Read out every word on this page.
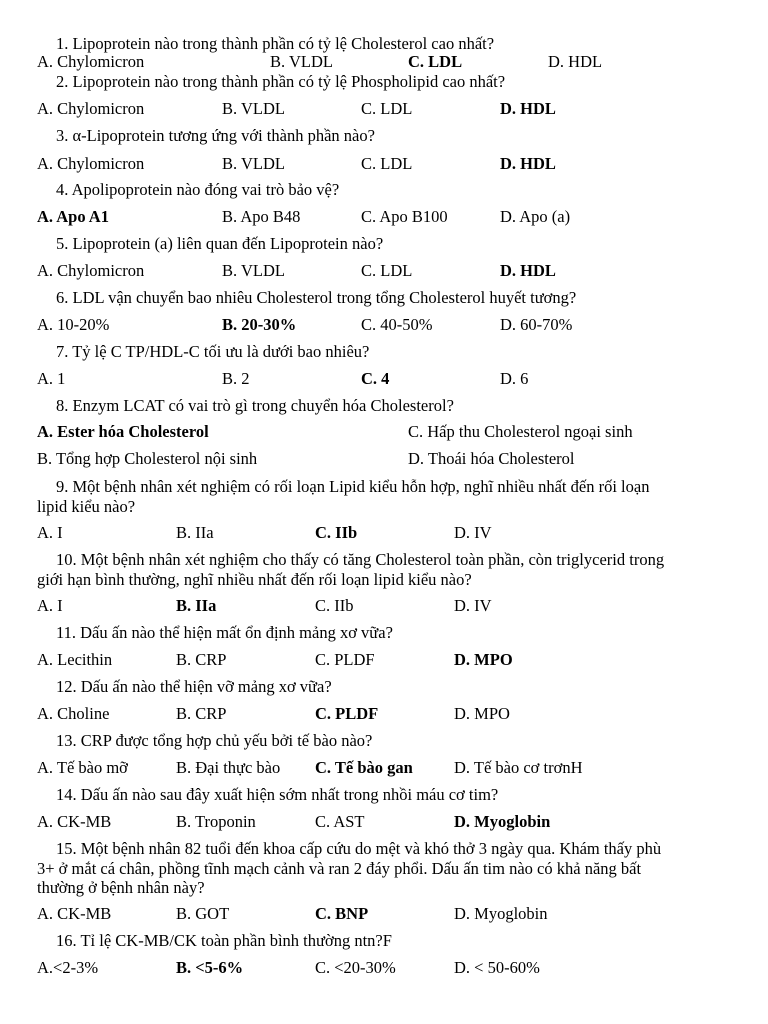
1. Lipoprotein nào trong thành phần có tỷ lệ Cholesterol cao nhất?
A. Chylomicron	B. VLDL	C. LDL	D. HDL
2. Lipoprotein nào trong thành phần có tỷ lệ Phospholipid cao nhất?
A. Chylomicron	B. VLDL	C. LDL	D. HDL
3. α-Lipoprotein tương ứng với thành phần nào?
A. Chylomicron	B. VLDL	C. LDL	D. HDL
4. Apolipoprotein nào đóng vai trò bảo vệ?
A. Apo A1	B. Apo B48	C. Apo B100	D. Apo (a)
5. Lipoprotein (a) liên quan đến Lipoprotein nào?
A. Chylomicron	B. VLDL	C. LDL	D. HDL
6. LDL vận chuyển bao nhiêu Cholesterol trong tổng Cholesterol huyết tương?
A. 10-20%	B. 20-30%	C. 40-50%	D. 60-70%
7. Tỷ lệ C TP/HDL-C tối ưu là dưới bao nhiêu?
A. 1	B. 2	C. 4	D. 6
8. Enzym LCAT có vai trò gì trong chuyển hóa Cholesterol?
A. Ester hóa Cholesterol	C. Hấp thu Cholesterol ngoại sinh
B. Tổng hợp Cholesterol nội sinh	D. Thoái hóa Cholesterol
9. Một bệnh nhân xét nghiệm có rối loạn Lipid kiểu hỗn hợp, nghĩ nhiều nhất đến rối loạn
lipid kiểu nào?
A. I	B. IIa	C. IIb	D. IV
10. Một bệnh nhân xét nghiệm cho thấy có tăng Cholesterol toàn phần, còn triglycerid trong
giới hạn bình thường, nghĩ nhiều nhất đến rối loạn lipid kiểu nào?
A. I	B. IIa	C. IIb	D. IV
11. Dấu ấn nào thể hiện mất ổn định mảng xơ vữa?
A. Lecithin	B. CRP	C. PLDF	D. MPO
12. Dấu ấn nào thể hiện vỡ mảng xơ vữa?
A. Choline	B. CRP	C. PLDF	D. MPO
13. CRP được tổng hợp chủ yếu bởi tế bào nào?
A. Tế bào mỡ	B. Đại thực bào C. Tế bào gan D. Tế bào cơ trơnH
14. Dấu ấn nào sau đây xuất hiện sớm nhất trong nhồi máu cơ tim?
A. CK-MB	B. Troponin	C. AST	D. Myoglobin
15. Một bệnh nhân 82 tuổi đến khoa cấp cứu do mệt và khó thở 3 ngày qua. Khám thấy phù
3+ ở mắt cá chân, phồng tĩnh mạch cảnh và ran 2 đáy phổi. Dấu ấn tim nào có khả năng bất
thường ở bệnh nhân này?
A. CK-MB	B. GOT	C. BNP	D. Myoglobin
16. Tỉ lệ CK-MB/CK toàn phần bình thường ntn?F
A.<2-3%	B. <5-6%	C. <20-30%	D. < 50-60%
